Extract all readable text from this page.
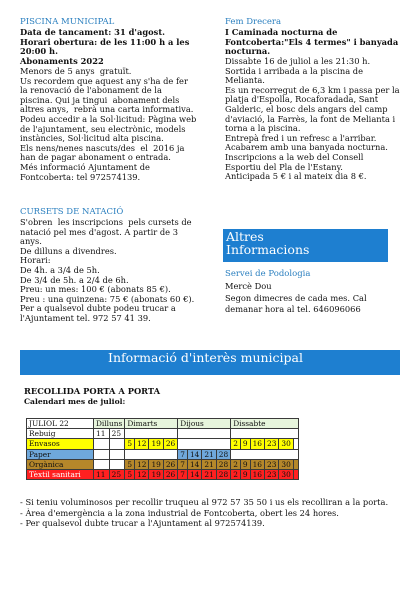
PISCINA MUNICIPAL
Data de tancament: 31 d'agost.
Horari obertura: de les 11:00 h a les
20:00 h.
Abonaments 2022
Menors de 5 anys  gratuït.
Us recordem que aquest any s'ha de fer
la renovació de l'abonament de la
piscina. Qui ja tingui  abonament dels
altres anys,  rebrà una carta informativa.
Podeu accedir a la Sol·licitud: Pàgina web
de l'ajuntament, seu electrònic, models
instàncies, Sol·licitud alta piscina.
Els nens/nenes nascuts/des  el  2016 ja
han de pagar abonament o entrada.
Més informació Ajuntament de
Fontcoberta: tel 972574139.
CURSETS DE NATACIÓ
S'obren  les inscripcions  pels cursets de
natació pel mes d'agost. A partir de 3
anys.
De dilluns a divendres.
Horari:
De 4h. a 3/4 de 5h.
De 3/4 de 5h. a 2/4 de 6h.
Preu: un mes: 100 € (abonats 85 €).
Preu : una quinzena: 75 € (abonats 60 €).
Per a qualsevol dubte podeu trucar a
l'Ajuntament tel. 972 57 41 39.
Fem Drecera
I Caminada nocturna de
Fontcoberta:"Els 4 termes" i banyada
nocturna.
Dissabte 16 de juliol a les 21:30 h.
Sortida i arribada a la piscina de
Melianta.
Es un recorregut de 6,3 km i passa per la
platja d'Espolla, Rocaforadada, Sant
Galderic, el bosc dels angars del camp
d'aviació, la Farrès, la font de Melianta i
torna a la piscina.
Entrepà fred i un refresc a l'arribar.
Acabarem amb una banyada nocturna.
Inscripcions a la web del Consell
Esportiu del Pla de l'Estany.
Anticipada 5 € i al mateix dia 8 €.
Altres
Informacions
Servei de Podologia
Mercè Dou
Segon dimecres de cada mes. Cal
demanar hora al tel. 646096066
Informació d'interès municipal
RECOLLIDA PORTA A PORTA
Calendari mes de juliol:
JULIOL 22	Dilluns		Dimarts				Dijous				Dissabte					
Rebuig	11	25														
Envasos			5	12	19	26					2	9	16	23	30	
Paper							7	14	21	28						
Orgànica			5	12	19	26	7	14	21	28	2	9	16	23	30	
Tèxtil sanitari	11	25	5	12	19	26	7	14	21	28	2	9	16	23	30	
- Si teniu voluminosos per recollir truqueu al 972 57 35 50 i us els recolliran a la porta.
- Àrea d'emergència a la zona industrial de Fontcoberta, obert les 24 hores.
- Per qualsevol dubte trucar a l'Ajuntament al 972574139.
